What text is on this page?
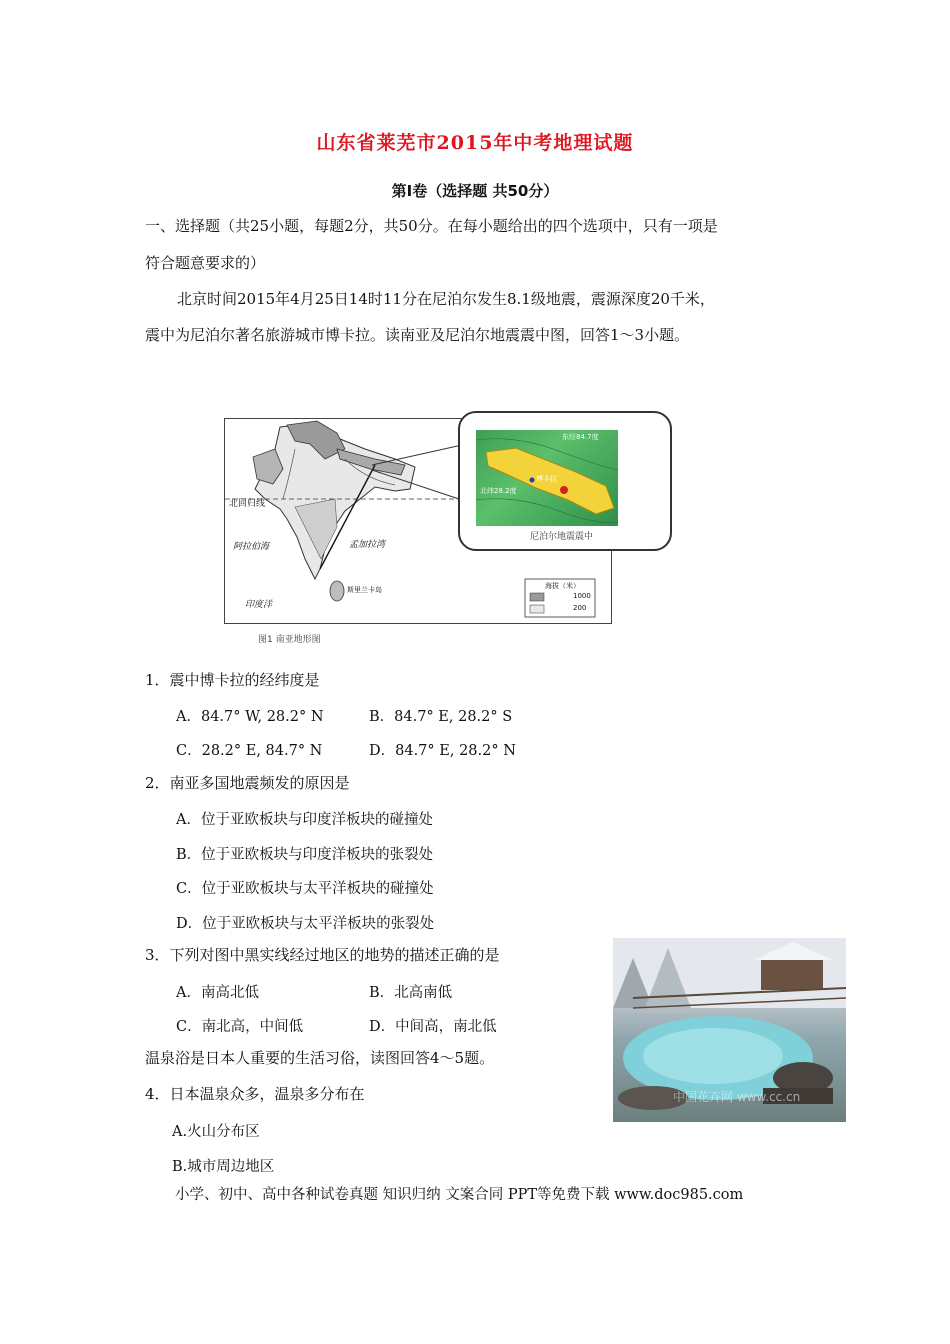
山东省莱芜市2015年中考地理试题
第Ⅰ卷（选择题 共50分）
一、选择题（共25小题，每题2分，共50分。在每小题给出的四个选项中，只有一项是
符合题意要求的）
北京时间2015年4月25日14时11分在尼泊尔发生8.1级地震，震源深度20千米，
震中为尼泊尔著名旅游城市博卡拉。读南亚及尼泊尔地震震中图，回答1～3小题。
北回归线
阿拉伯海	孟加拉湾
印度洋
斯里兰卡岛	海拔（米）
1000
200
东经84.7度
北纬28.2度
博卡拉
尼泊尔地震震中
图1 南亚地形图
1．震中博卡拉的经纬度是
A．84.7° W, 28.2° N	B．84.7° E, 28.2° S
C．28.2° E, 84.7° N	D．84.7° E, 28.2° N
2．南亚多国地震频发的原因是
A．位于亚欧板块与印度洋板块的碰撞处
B．位于亚欧板块与印度洋板块的张裂处
C．位于亚欧板块与太平洋板块的碰撞处
D．位于亚欧板块与太平洋板块的张裂处
3．下列对图中黑实线经过地区的地势的描述正确的是
A．南高北低	B．北高南低
C．南北高，中间低	D．中间高，南北低
温泉浴是日本人重要的生活习俗，读图回答4～5题。
4．日本温泉众多，温泉多分布在
A.火山分布区
B.城市周边地区
中国花卉网 www.cc.cn
小学、初中、高中各种试卷真题 知识归纳 文案合同 PPT等免费下载 www.doc985.com
